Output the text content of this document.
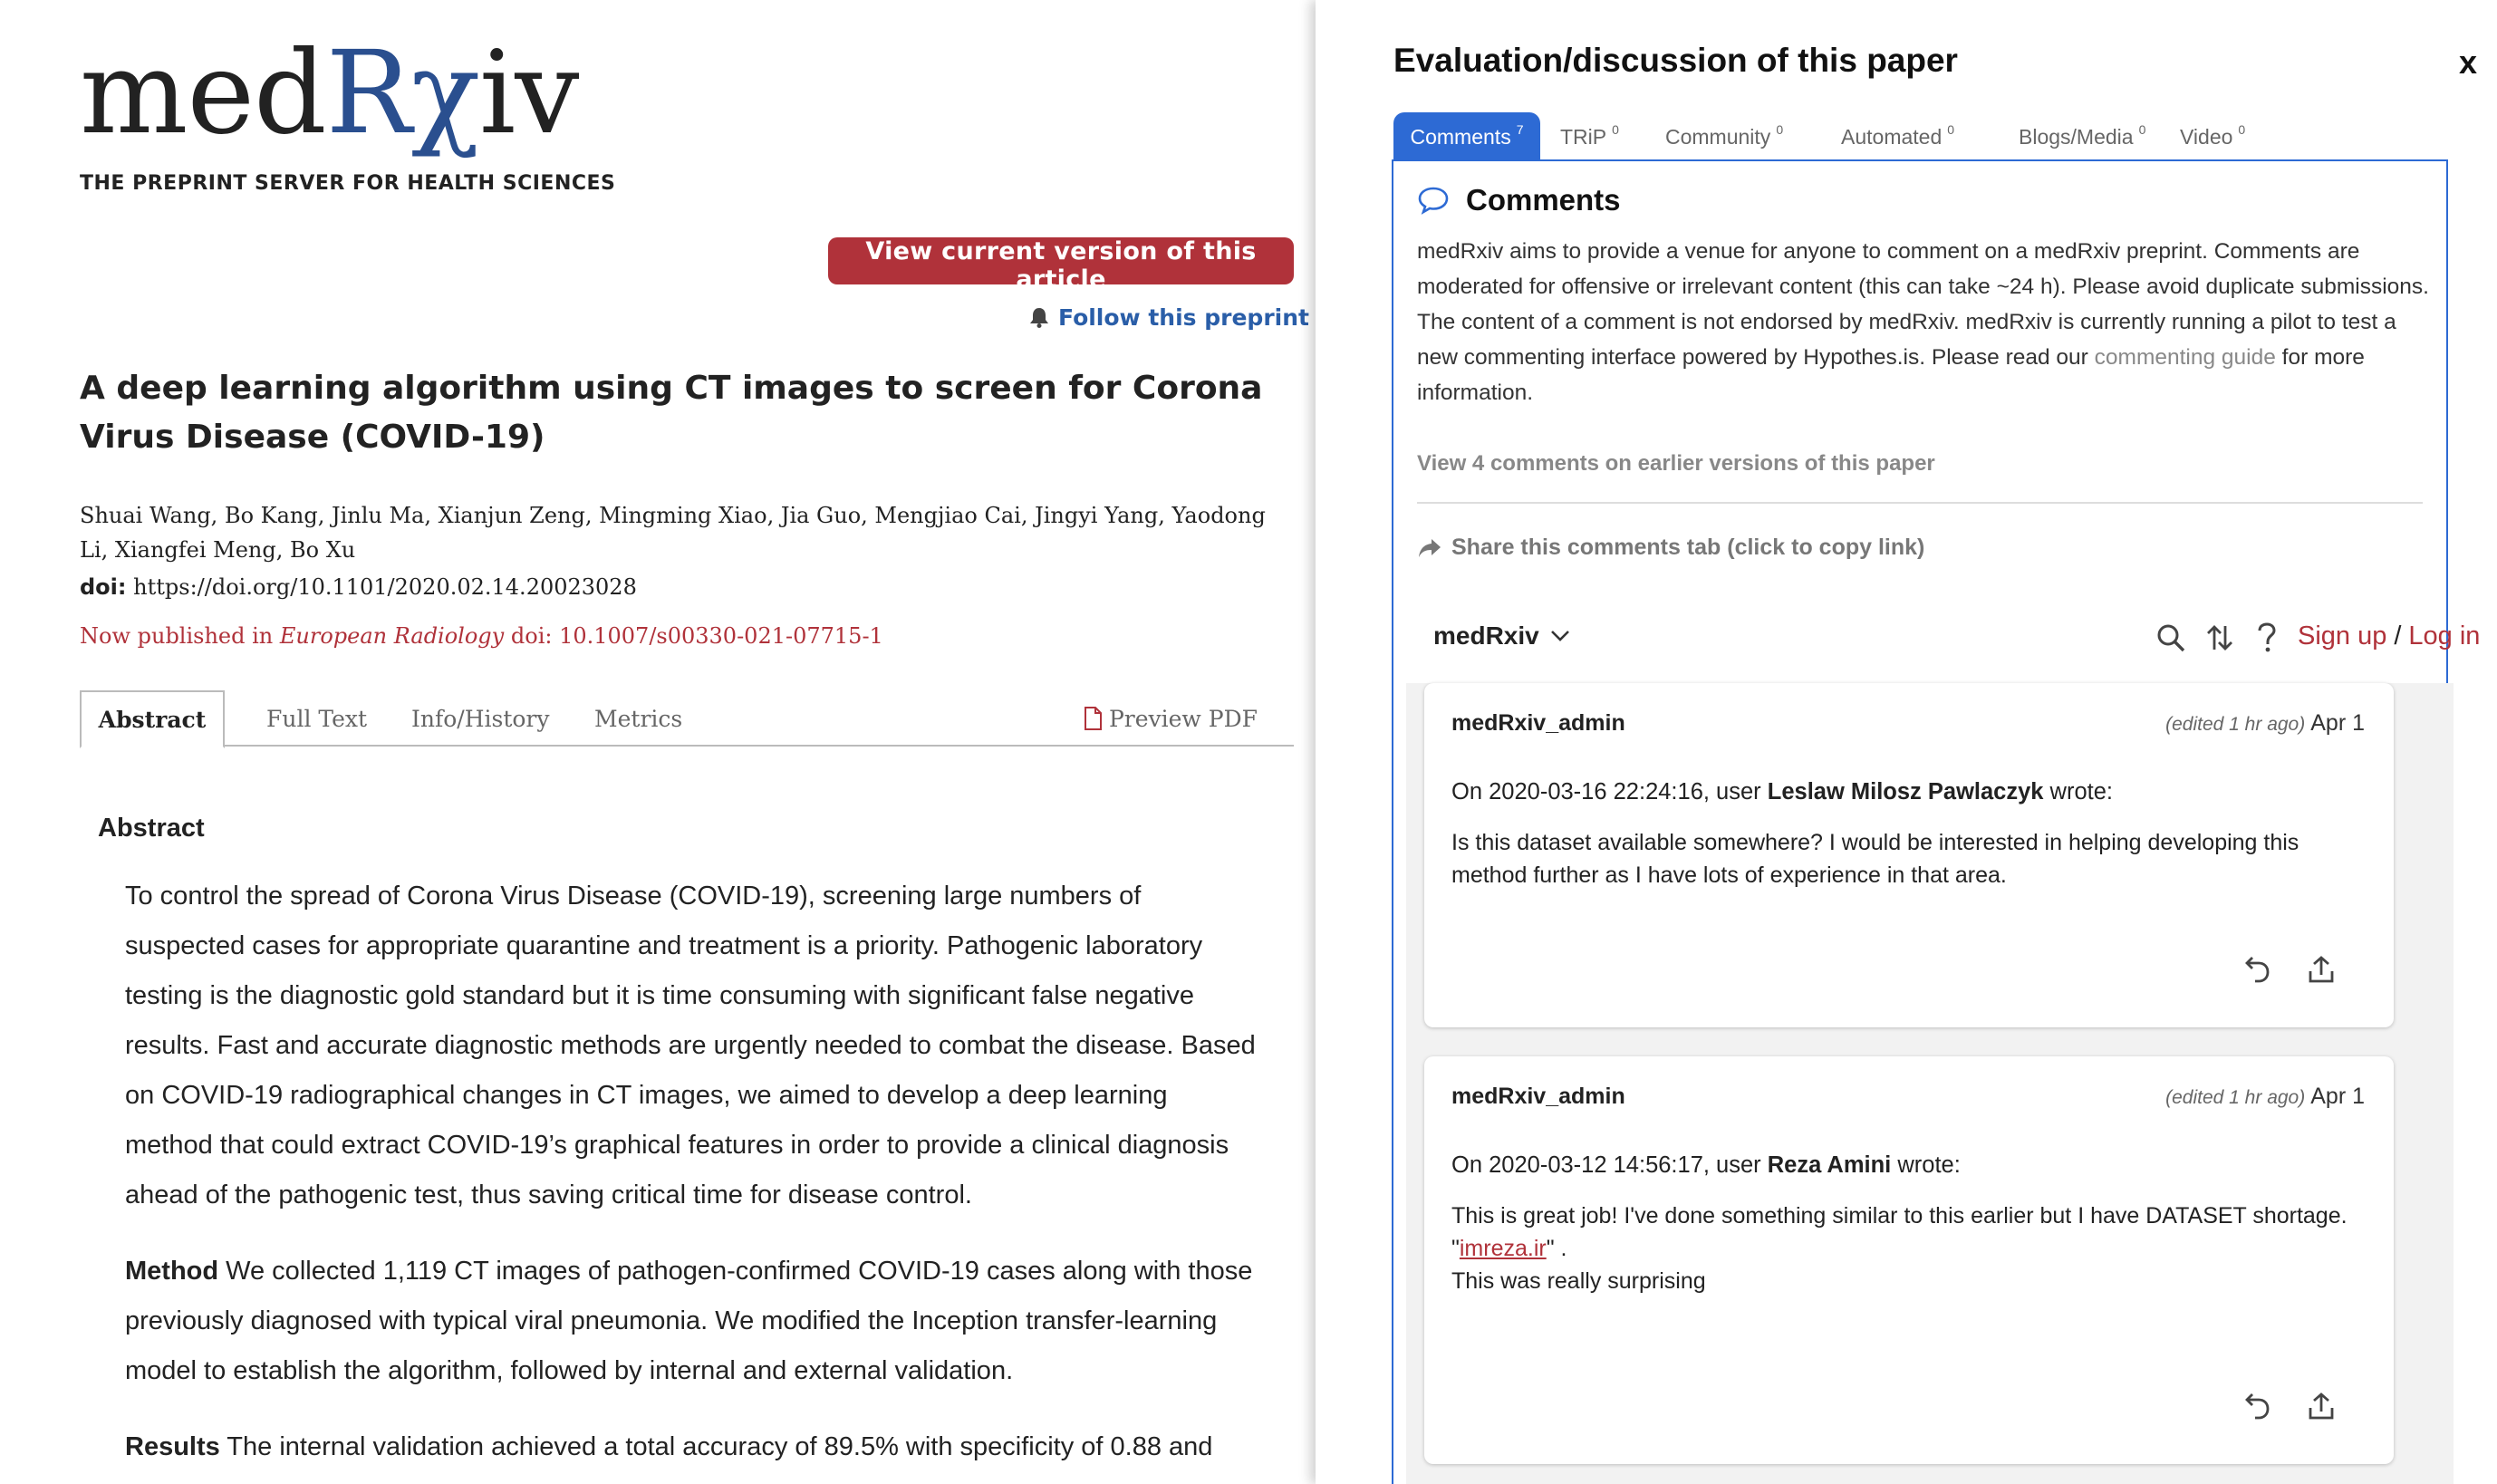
medRχiv
THE PREPRINT SERVER FOR HEALTH SCIENCES
View current version of this article
Follow this preprint
A deep learning algorithm using CT images to screen for Corona Virus Disease (COVID-19)
Shuai Wang, Bo Kang, Jinlu Ma, Xianjun Zeng, Mingming Xiao, Jia Guo, Mengjiao Cai, Jingyi Yang, Yaodong Li, Xiangfei Meng, Bo Xu
doi: https://doi.org/10.1101/2020.02.14.20023028
Now published in European Radiology doi: 10.1007/s00330-021-07715-1
Abstract	Full Text Info/History Metrics	Preview PDF
Abstract

To control the spread of Corona Virus Disease (COVID-19), screening large numbers of suspected cases for appropriate quarantine and treatment is a priority. Pathogenic laboratory testing is the diagnostic gold standard but it is time consuming with significant false negative results. Fast and accurate diagnostic methods are urgently needed to combat the disease. Based on COVID-19 radiographical changes in CT images, we aimed to develop a deep learning method that could extract COVID-19’s graphical features in order to provide a clinical diagnosis ahead of the pathogenic test, thus saving critical time for disease control.

Method We collected 1,119 CT images of pathogen-confirmed COVID-19 cases along with those previously diagnosed with typical viral pneumonia. We modified the Inception transfer-learning model to establish the algorithm, followed by internal and external validation.

Results The internal validation achieved a total accuracy of 89.5% with specificity of 0.88 and

Evaluation/discussion of this paper	x
Comments $^7$ TRiP $^0$ Community $^0$	Automated $^0$	Blogs/Media $^0$ Video $^0$
Comments

medRxiv aims to provide a venue for anyone to comment on a medRxiv preprint. Comments are moderated for offensive or irrelevant content (this can take ~24 h). Please avoid duplicate submissions. The content of a comment is not endorsed by medRxiv. medRxiv is currently running a pilot to test a new commenting interface powered by Hypothes.is. Please read our commenting guide for more information.

View 4 comments on earlier versions of this paper
Share this comments tab (click to copy link)
medRxiv	Sign up / Log in
medRxiv_admin	(edited 1 hr ago) Apr 1
On 2020-03-16 22:24:16, user Leslaw Milosz Pawlaczyk wrote:
Is this dataset available somewhere? I would be interested in helping developing this method further as I have lots of experience in that area.
medRxiv_admin	(edited 1 hr ago) Apr 1
On 2020-03-12 14:56:17, user Reza Amini wrote:
This is great job! I've done something similar to this earlier but I have DATASET shortage.
"imreza.ir" .
This was really surprising
